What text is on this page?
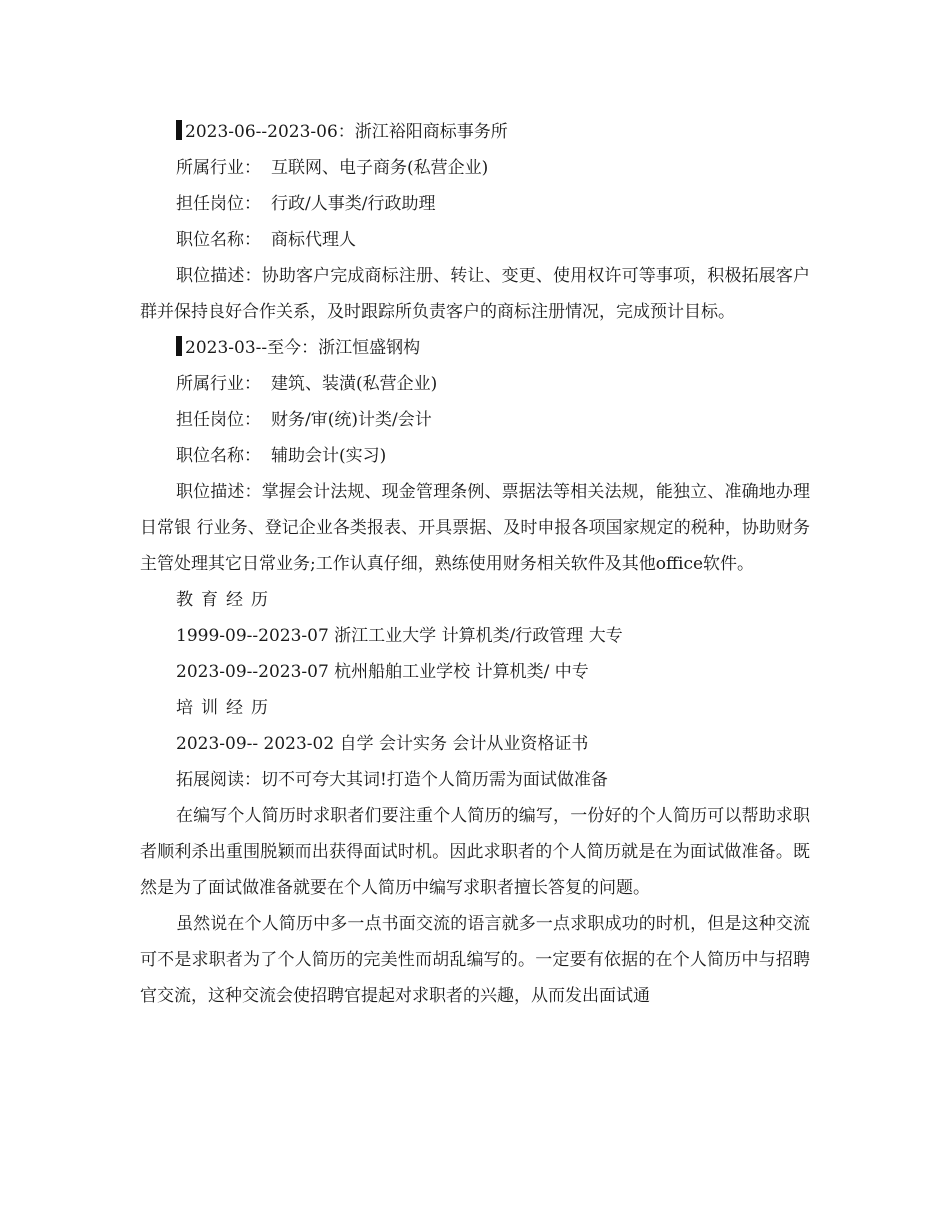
2023-06--2023-06：浙江裕阳商标事务所
所属行业： 互联网、电子商务(私营企业)
担任岗位： 行政/人事类/行政助理
职位名称： 商标代理人

职位描述：协助客户完成商标注册、转让、变更、使用权许可等事项，积极拓展客户群并保持良好合作关系，及时跟踪所负责客户的商标注册情况，完成预计目标。

2023-03--至今：浙江恒盛钢构
所属行业： 建筑、装潢(私营企业)
担任岗位： 财务/审(统)计类/会计
职位名称： 辅助会计(实习)

职位描述：掌握会计法规、现金管理条例、票据法等相关法规，能独立、准确地办理日常银 行业务、登记企业各类报表、开具票据、及时申报各项国家规定的税种，协助财务主管处理其它日常业务;工作认真仔细，熟练使用财务相关软件及其他office软件。

教育经历
1999-09--2023-07 浙江工业大学 计算机类/行政管理 大专
2023-09--2023-07 杭州船舶工业学校 计算机类/ 中专
培训经历
2023-09-- 2023-02 自学 会计实务 会计从业资格证书
拓展阅读：切不可夸大其词!打造个人简历需为面试做准备

在编写个人简历时求职者们要注重个人简历的编写，一份好的个人简历可以帮助求职者顺利杀出重围脱颖而出获得面试时机。因此求职者的个人简历就是在为面试做准备。既然是为了面试做准备就要在个人简历中编写求职者擅长答复的问题。

虽然说在个人简历中多一点书面交流的语言就多一点求职成功的时机，但是这种交流可不是求职者为了个人简历的完美性而胡乱编写的。一定要有依据的在个人简历中与招聘官交流，这种交流会使招聘官提起对求职者的兴趣，从而发出面试通
